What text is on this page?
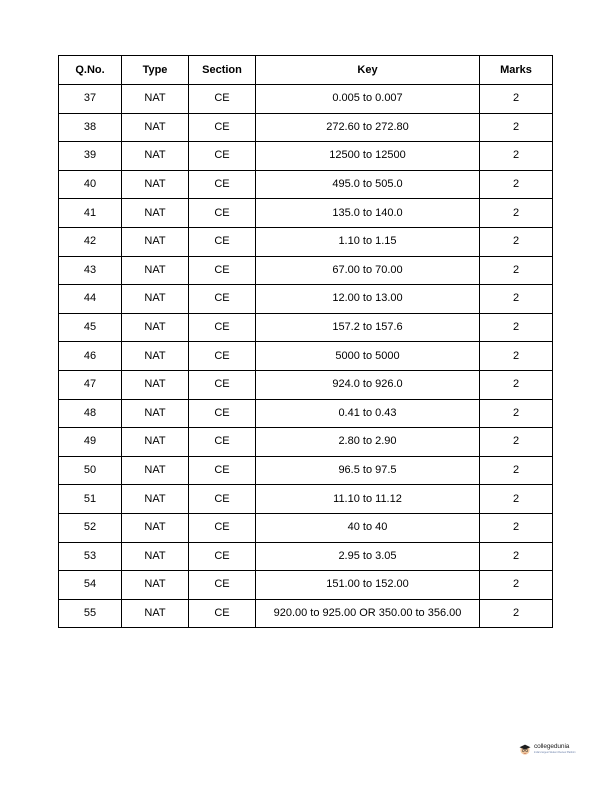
Q.No.	Type	Section	Key	Marks
37	NAT	CE	0.005 to 0.007	2
38	NAT	CE	272.60 to 272.80	2
39	NAT	CE	12500 to 12500	2
40	NAT	CE	495.0 to 505.0	2
41	NAT	CE	135.0 to 140.0	2
42	NAT	CE	1.10 to 1.15	2
43	NAT	CE	67.00 to 70.00	2
44	NAT	CE	12.00 to 13.00	2
45	NAT	CE	157.2 to 157.6	2
46	NAT	CE	5000 to 5000	2
47	NAT	CE	924.0 to 926.0	2
48	NAT	CE	0.41 to 0.43	2
49	NAT	CE	2.80 to 2.90	2
50	NAT	CE	96.5 to 97.5	2
51	NAT	CE	11.10 to 11.12	2
52	NAT	CE	40 to 40	2
53	NAT	CE	2.95 to 3.05	2
54	NAT	CE	151.00 to 152.00	2
55	NAT	CE	920.00 to 925.00 OR 350.00 to 356.00	2
collegedunia
India's largest Student Review Platform
